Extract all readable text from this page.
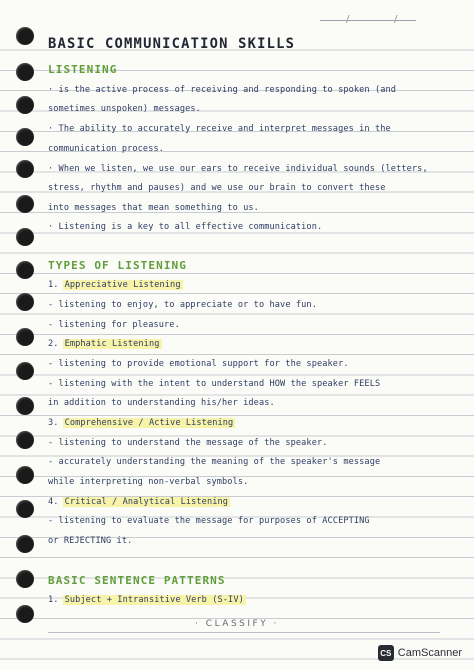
BASIC COMMUNICATION SKILLS
LISTENING
· is the active process of receiving and responding to spoken (and
sometimes unspoken) messages.
· The ability to accurately receive and interpret messages in the
communication process.
· When we listen, we use our ears to receive individual sounds (letters,
stress, rhythm and pauses) and we use our brain to convert these
into messages that mean something to us.
· Listening is a key to all effective communication.
TYPES OF LISTENING
1. Appreciative Listening
- listening to enjoy, to appreciate or to have fun.
- listening for pleasure.
2. Emphatic Listening
- listening to provide emotional support for the speaker.
- listening with the intent to understand HOW the speaker FEELS
in addition to understanding his/her ideas.
3. Comprehensive / Active Listening
- listening to understand the message of the speaker.
- accurately understanding the meaning of the speaker's message
while interpreting non-verbal symbols.
4. Critical / Analytical Listening
- listening to evaluate the message for purposes of ACCEPTING
or REJECTING it.
BASIC SENTENCE PATTERNS
1. Subject + Intransitive Verb (S-IV)
· CLASSIFY ·
CS CamScanner
